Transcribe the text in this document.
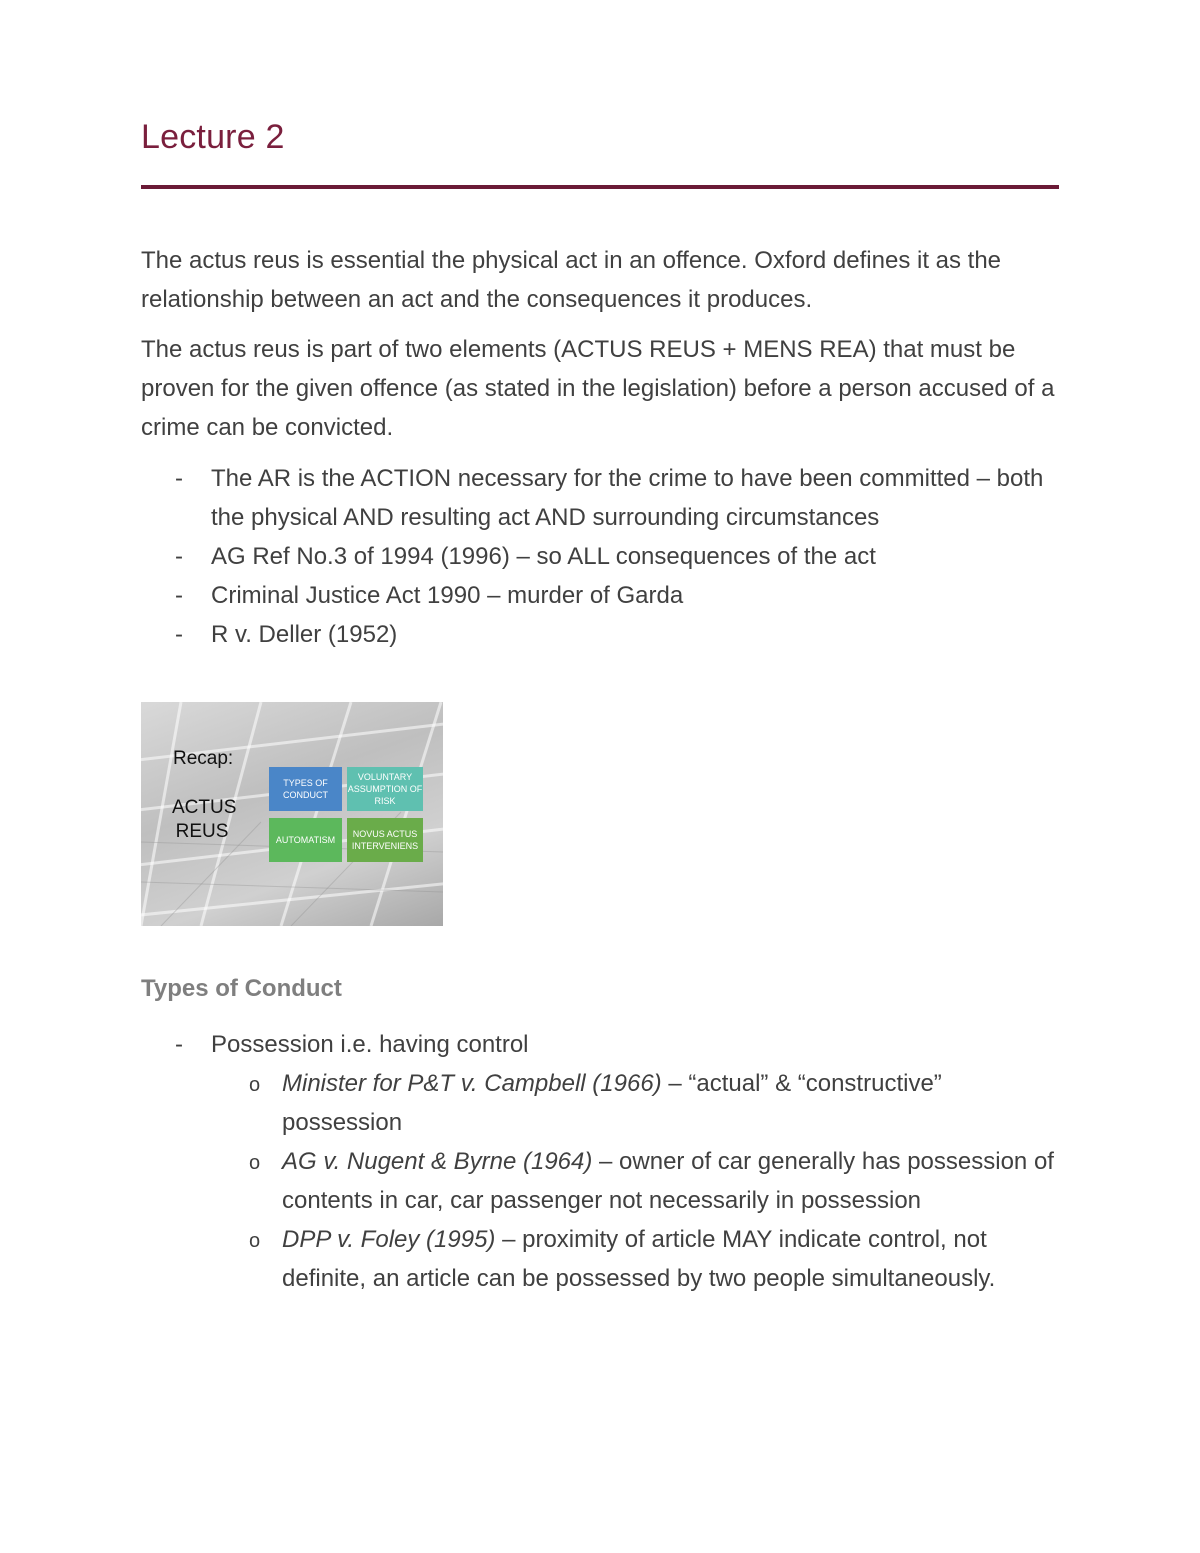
Lecture 2

The actus reus is essential the physical act in an offence. Oxford defines it as the relationship between an act and the consequences it produces.

The actus reus is part of two elements (ACTUS REUS + MENS REA) that must be proven for the given offence (as stated in the legislation) before a person accused of a crime can be convicted.

- The AR is the ACTION necessary for the crime to have been committed – both the physical AND resulting act AND surrounding circumstances
- AG Ref No.3 of 1994 (1996) – so ALL consequences of the act
- Criminal Justice Act 1990 – murder of Garda
- R v. Deller (1952)
Recap:
ACTUS
REUS
TYPES OF CONDUCT
VOLUNTARY ASSUMPTION OF RISK
AUTOMATISM
NOVUS ACTUS INTERVENIENS
Types of Conduct
- Possession i.e. having control
o Minister for P&T v. Campbell (1966) – “actual” & “constructive” possession
o AG v. Nugent & Byrne (1964) – owner of car generally has possession of contents in car, car passenger not necessarily in possession
o DPP v. Foley (1995) – proximity of article MAY indicate control, not definite, an article can be possessed by two people simultaneously.
